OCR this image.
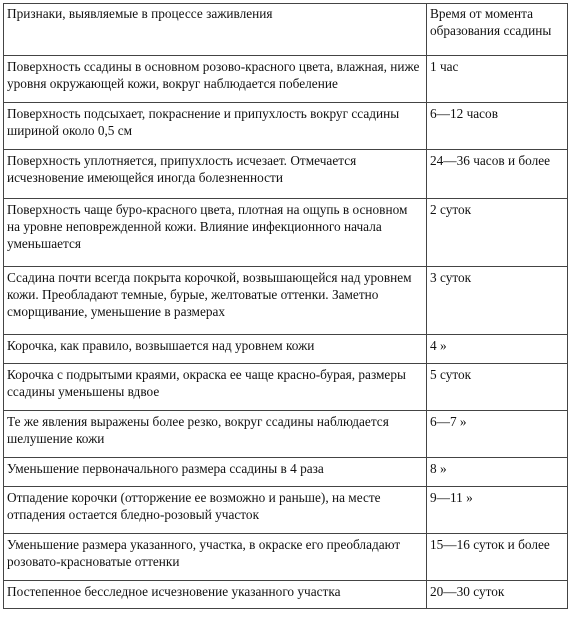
Признаки, выявляемые в процессе заживления	Время от момента образования ссадины
Поверхность ссадины в основном розово-красного цвета, влажная, ниже уровня окружающей кожи, вокруг наблюдается побеление	1 час
Поверхность подсыхает, покраснение и припухлость вокруг ссадины шириной около 0,5 см	6—12 часов
Поверхность уплотняется, припухлость исчезает. Отмечается исчезновение имеющейся иногда болезненности	24—36 часов и более
Поверхность чаще буро-красного цвета, плотная на ощупь в основном на уровне неповрежденной кожи. Влияние инфекционного начала уменьшается	2 суток
Ссадина почти всегда покрыта корочкой, возвышающейся над уровнем кожи. Преобладают темные, бурые, желтоватые оттенки. Заметно сморщивание, уменьшение в размерах	3 суток
Корочка, как правило, возвышается над уровнем кожи	4 »
Корочка с подрытыми краями, окраска ее чаще красно-бурая, размеры ссадины уменьшены вдвое	5 суток
Те же явления выражены более резко, вокруг ссадины наблюдается шелушение кожи	6—7 »
Уменьшение первоначального размера ссадины в 4 раза	8 »
Отпадение корочки (отторжение ее возможно и раньше), на месте отпадения остается бледно-розовый участок	9—11 »
Уменьшение размера указанного, участка, в окраске его преобладают розовато-красноватые оттенки	15—16 суток и более
Постепенное бесследное исчезновение указанного участка	20—30 суток
